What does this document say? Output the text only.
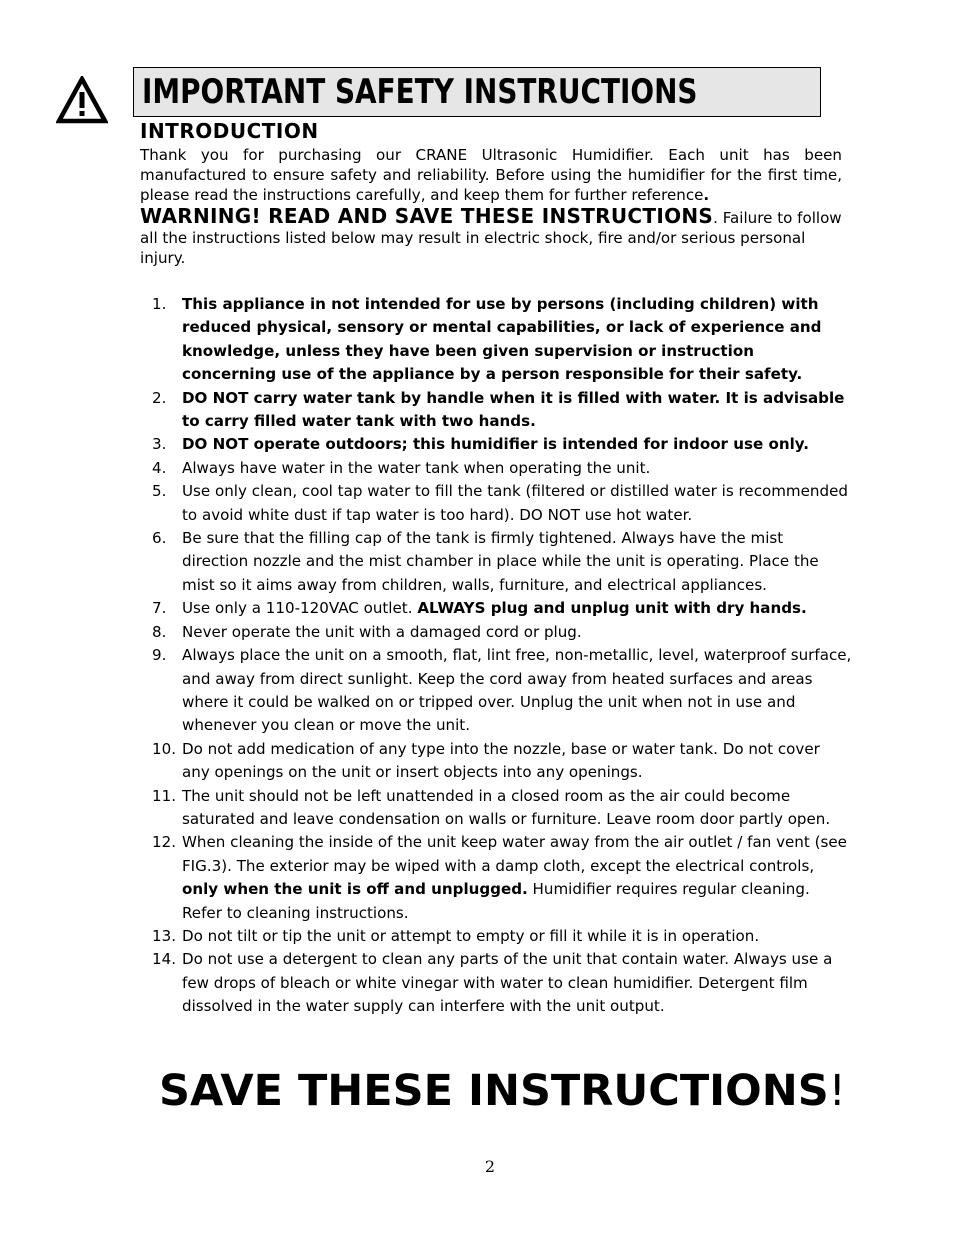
IMPORTANT SAFETY INSTRUCTIONS
INTRODUCTION
Thank you for purchasing our CRANE Ultrasonic Humidifier. Each unit has been manufactured to ensure safety and reliability. Before using the humidifier for the first time, please read the instructions carefully, and keep them for further reference.
WARNING! READ AND SAVE THESE INSTRUCTIONS. Failure to follow all the instructions listed below may result in electric shock, fire and/or serious personal injury.
1. This appliance in not intended for use by persons (including children) with reduced physical, sensory or mental capabilities, or lack of experience and knowledge, unless they have been given supervision or instruction concerning use of the appliance by a person responsible for their safety.
2. DO NOT carry water tank by handle when it is filled with water. It is advisable to carry filled water tank with two hands.
3. DO NOT operate outdoors; this humidifier is intended for indoor use only.
4. Always have water in the water tank when operating the unit.
5. Use only clean, cool tap water to fill the tank (filtered or distilled water is recommended to avoid white dust if tap water is too hard). DO NOT use hot water.
6. Be sure that the filling cap of the tank is firmly tightened. Always have the mist direction nozzle and the mist chamber in place while the unit is operating. Place the mist so it aims away from children, walls, furniture, and electrical appliances.
7. Use only a 110-120VAC outlet. ALWAYS plug and unplug unit with dry hands.
8. Never operate the unit with a damaged cord or plug.
9. Always place the unit on a smooth, flat, lint free, non-metallic, level, waterproof surface, and away from direct sunlight. Keep the cord away from heated surfaces and areas where it could be walked on or tripped over. Unplug the unit when not in use and whenever you clean or move the unit.
10. Do not add medication of any type into the nozzle, base or water tank. Do not cover any openings on the unit or insert objects into any openings.
11. The unit should not be left unattended in a closed room as the air could become saturated and leave condensation on walls or furniture. Leave room door partly open.
12. When cleaning the inside of the unit keep water away from the air outlet / fan vent (see FIG.3). The exterior may be wiped with a damp cloth, except the electrical controls, only when the unit is off and unplugged. Humidifier requires regular cleaning. Refer to cleaning instructions.
13. Do not tilt or tip the unit or attempt to empty or fill it while it is in operation.
14. Do not use a detergent to clean any parts of the unit that contain water. Always use a few drops of bleach or white vinegar with water to clean humidifier. Detergent film dissolved in the water supply can interfere with the unit output.
SAVE THESE INSTRUCTIONS!
2
